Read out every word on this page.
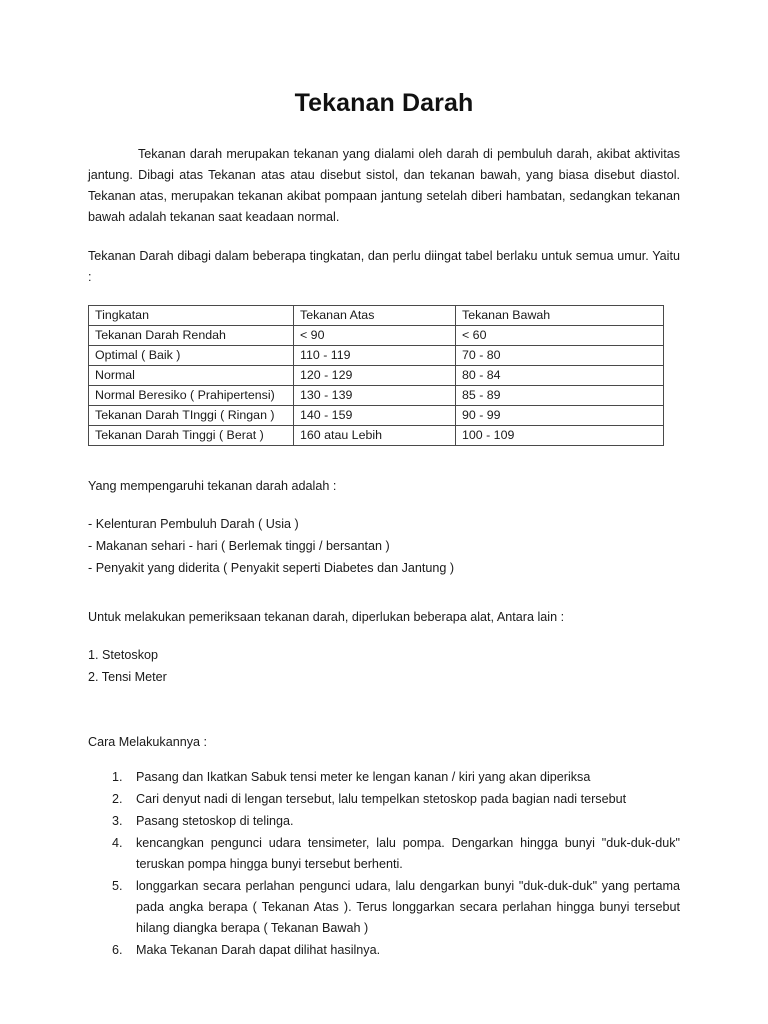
Tekanan Darah

Tekanan darah merupakan tekanan yang dialami oleh darah di pembuluh darah, akibat aktivitas jantung. Dibagi atas Tekanan atas atau disebut sistol, dan tekanan bawah, yang biasa disebut diastol. Tekanan atas, merupakan tekanan akibat pompaan jantung setelah diberi hambatan, sedangkan tekanan bawah adalah tekanan saat keadaan normal.

Tekanan Darah dibagi dalam beberapa tingkatan, dan perlu diingat tabel berlaku untuk semua umur. Yaitu :

Tingkatan	Tekanan Atas	Tekanan Bawah
Tekanan Darah Rendah	< 90	< 60
Optimal ( Baik )	110 - 119	70 - 80
Normal	120 - 129	80 - 84
Normal Beresiko ( Prahipertensi)	130 - 139	85 - 89
Tekanan Darah TInggi ( Ringan )	140 - 159	90 - 99
Tekanan Darah Tinggi ( Berat )	160 atau Lebih	100 - 109

Yang mempengaruhi tekanan darah adalah :

- Kelenturan Pembuluh Darah ( Usia )
- Makanan sehari - hari ( Berlemak tinggi / bersantan )
- Penyakit yang diderita ( Penyakit seperti Diabetes dan Jantung )

Untuk melakukan pemeriksaan tekanan darah, diperlukan beberapa alat, Antara lain :

1. Stetoskop
2. Tensi Meter

Cara Melakukannya :

Pasang dan Ikatkan Sabuk tensi meter ke lengan kanan / kiri yang akan diperiksa
Cari denyut nadi di lengan tersebut, lalu tempelkan stetoskop pada bagian nadi tersebut
Pasang stetoskop di telinga.
kencangkan pengunci udara tensimeter, lalu pompa. Dengarkan hingga bunyi "duk-duk-duk" teruskan pompa hingga bunyi tersebut berhenti.
longgarkan secara perlahan pengunci udara, lalu dengarkan bunyi "duk-duk-duk" yang pertama pada angka berapa ( Tekanan Atas ). Terus longgarkan secara perlahan hingga bunyi tersebut hilang diangka berapa ( Tekanan Bawah )
Maka Tekanan Darah dapat dilihat hasilnya.
